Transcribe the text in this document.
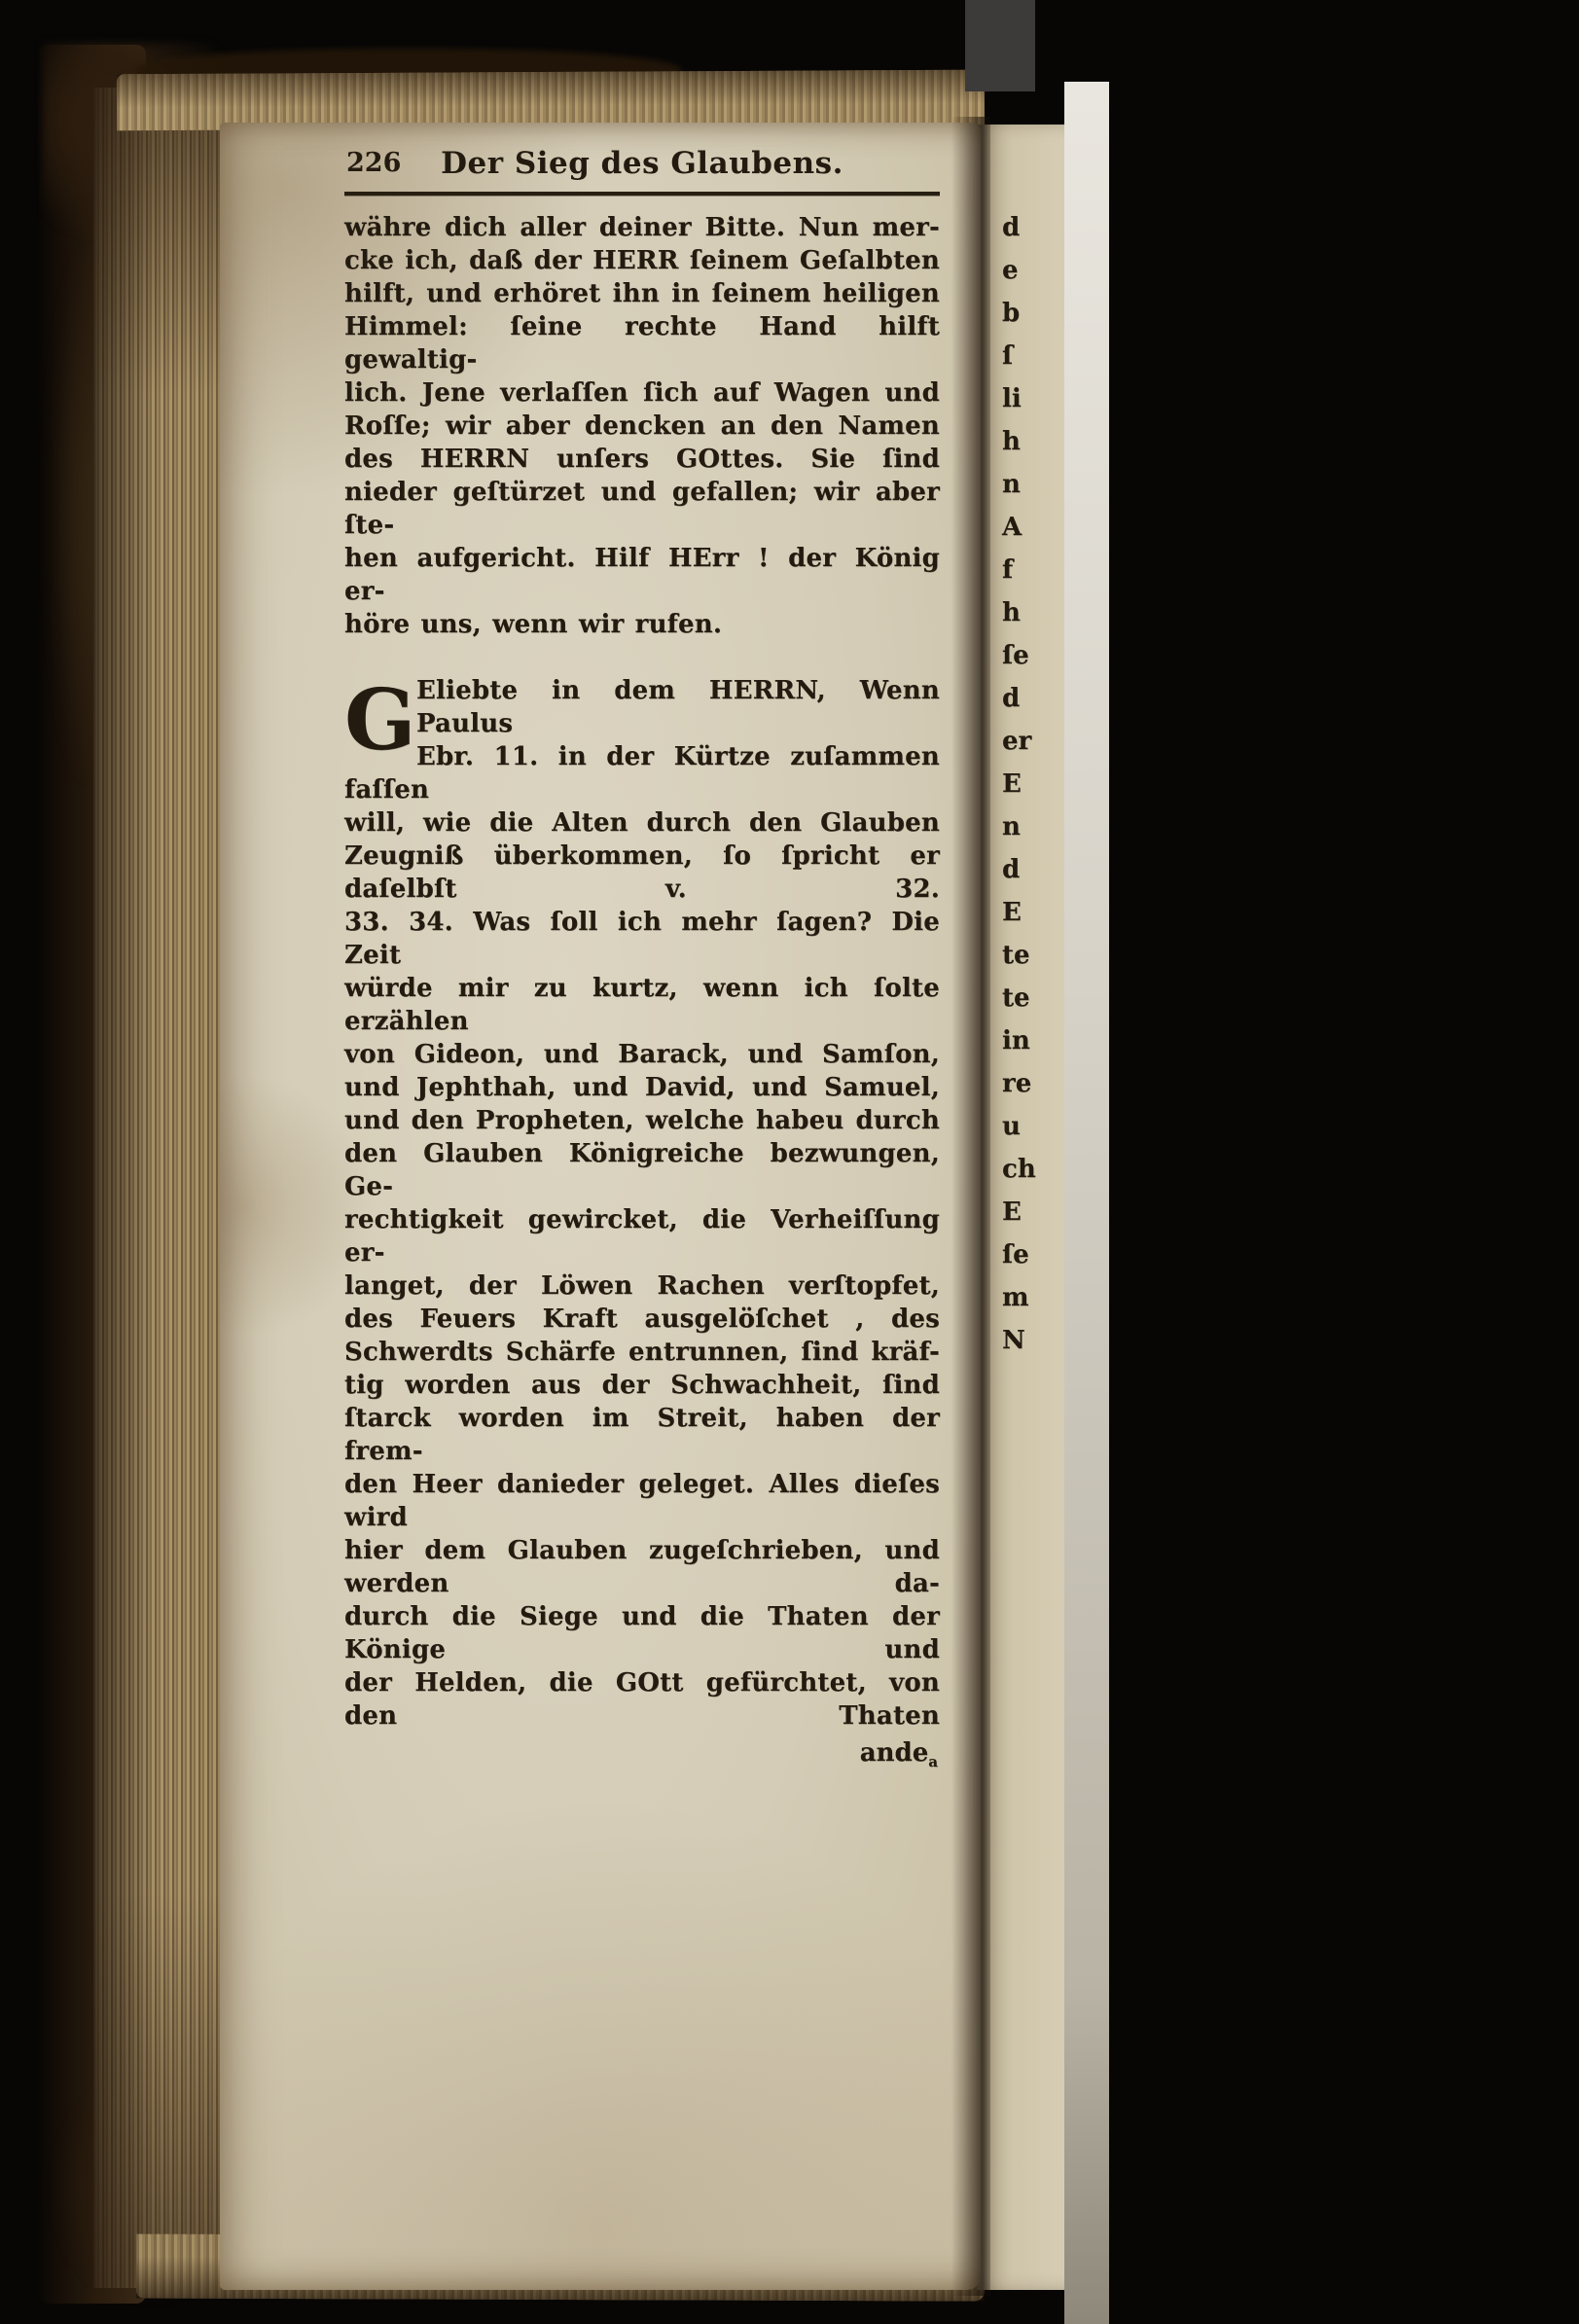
d
e
b
ſ
li
h
n
A
f
h
ſe
d
er
E
n
d
E
te
te
in
re
u
ch
E
ſe
m
N
226	Der Sieg des Glaubens.
währe dich aller deiner Bitte. Nun mer-
cke ich, daß der HERR ſeinem Geſalbten
hilft, und erhöret ihn in ſeinem heiligen
Himmel: ſeine rechte Hand hilft gewaltig-
lich. Jene verlaſſen ſich auf Wagen und
Roſſe; wir aber dencken an den Namen
des HERRN unſers GOttes. Sie ſind
nieder geſtürzet und gefallen; wir aber ſte-
hen aufgericht. Hilf HErr ! der König er-
höre uns, wenn wir rufen.
G Eliebte in dem HERRN, Wenn Paulus
Ebr. 11. in der Kürtze zuſammen faſſen
will, wie die Alten durch den Glauben
Zeugniß überkommen, ſo ſpricht er daſelbſt v. 32.
33. 34. Was ſoll ich mehr ſagen? Die Zeit
würde mir zu kurtz, wenn ich ſolte erzählen
von Gideon, und Barack, und Samſon,
und Jephthah, und David, und Samuel,
und den Propheten, welche habeu durch
den Glauben Königreiche bezwungen, Ge-
rechtigkeit gewircket, die Verheiſſung er-
langet, der Löwen Rachen verſtopfet,
des Feuers Kraft ausgelöſchet , des
Schwerdts Schärfe entrunnen, ſind kräf-
tig worden aus der Schwachheit, ſind
ſtarck worden im Streit, haben der frem-
den Heer danieder geleget. Alles dieſes wird
hier dem Glauben zugeſchrieben, und werden da-
durch die Siege und die Thaten der Könige und
der Helden, die GOtt gefürchtet, von den Thaten
ande$_a$
